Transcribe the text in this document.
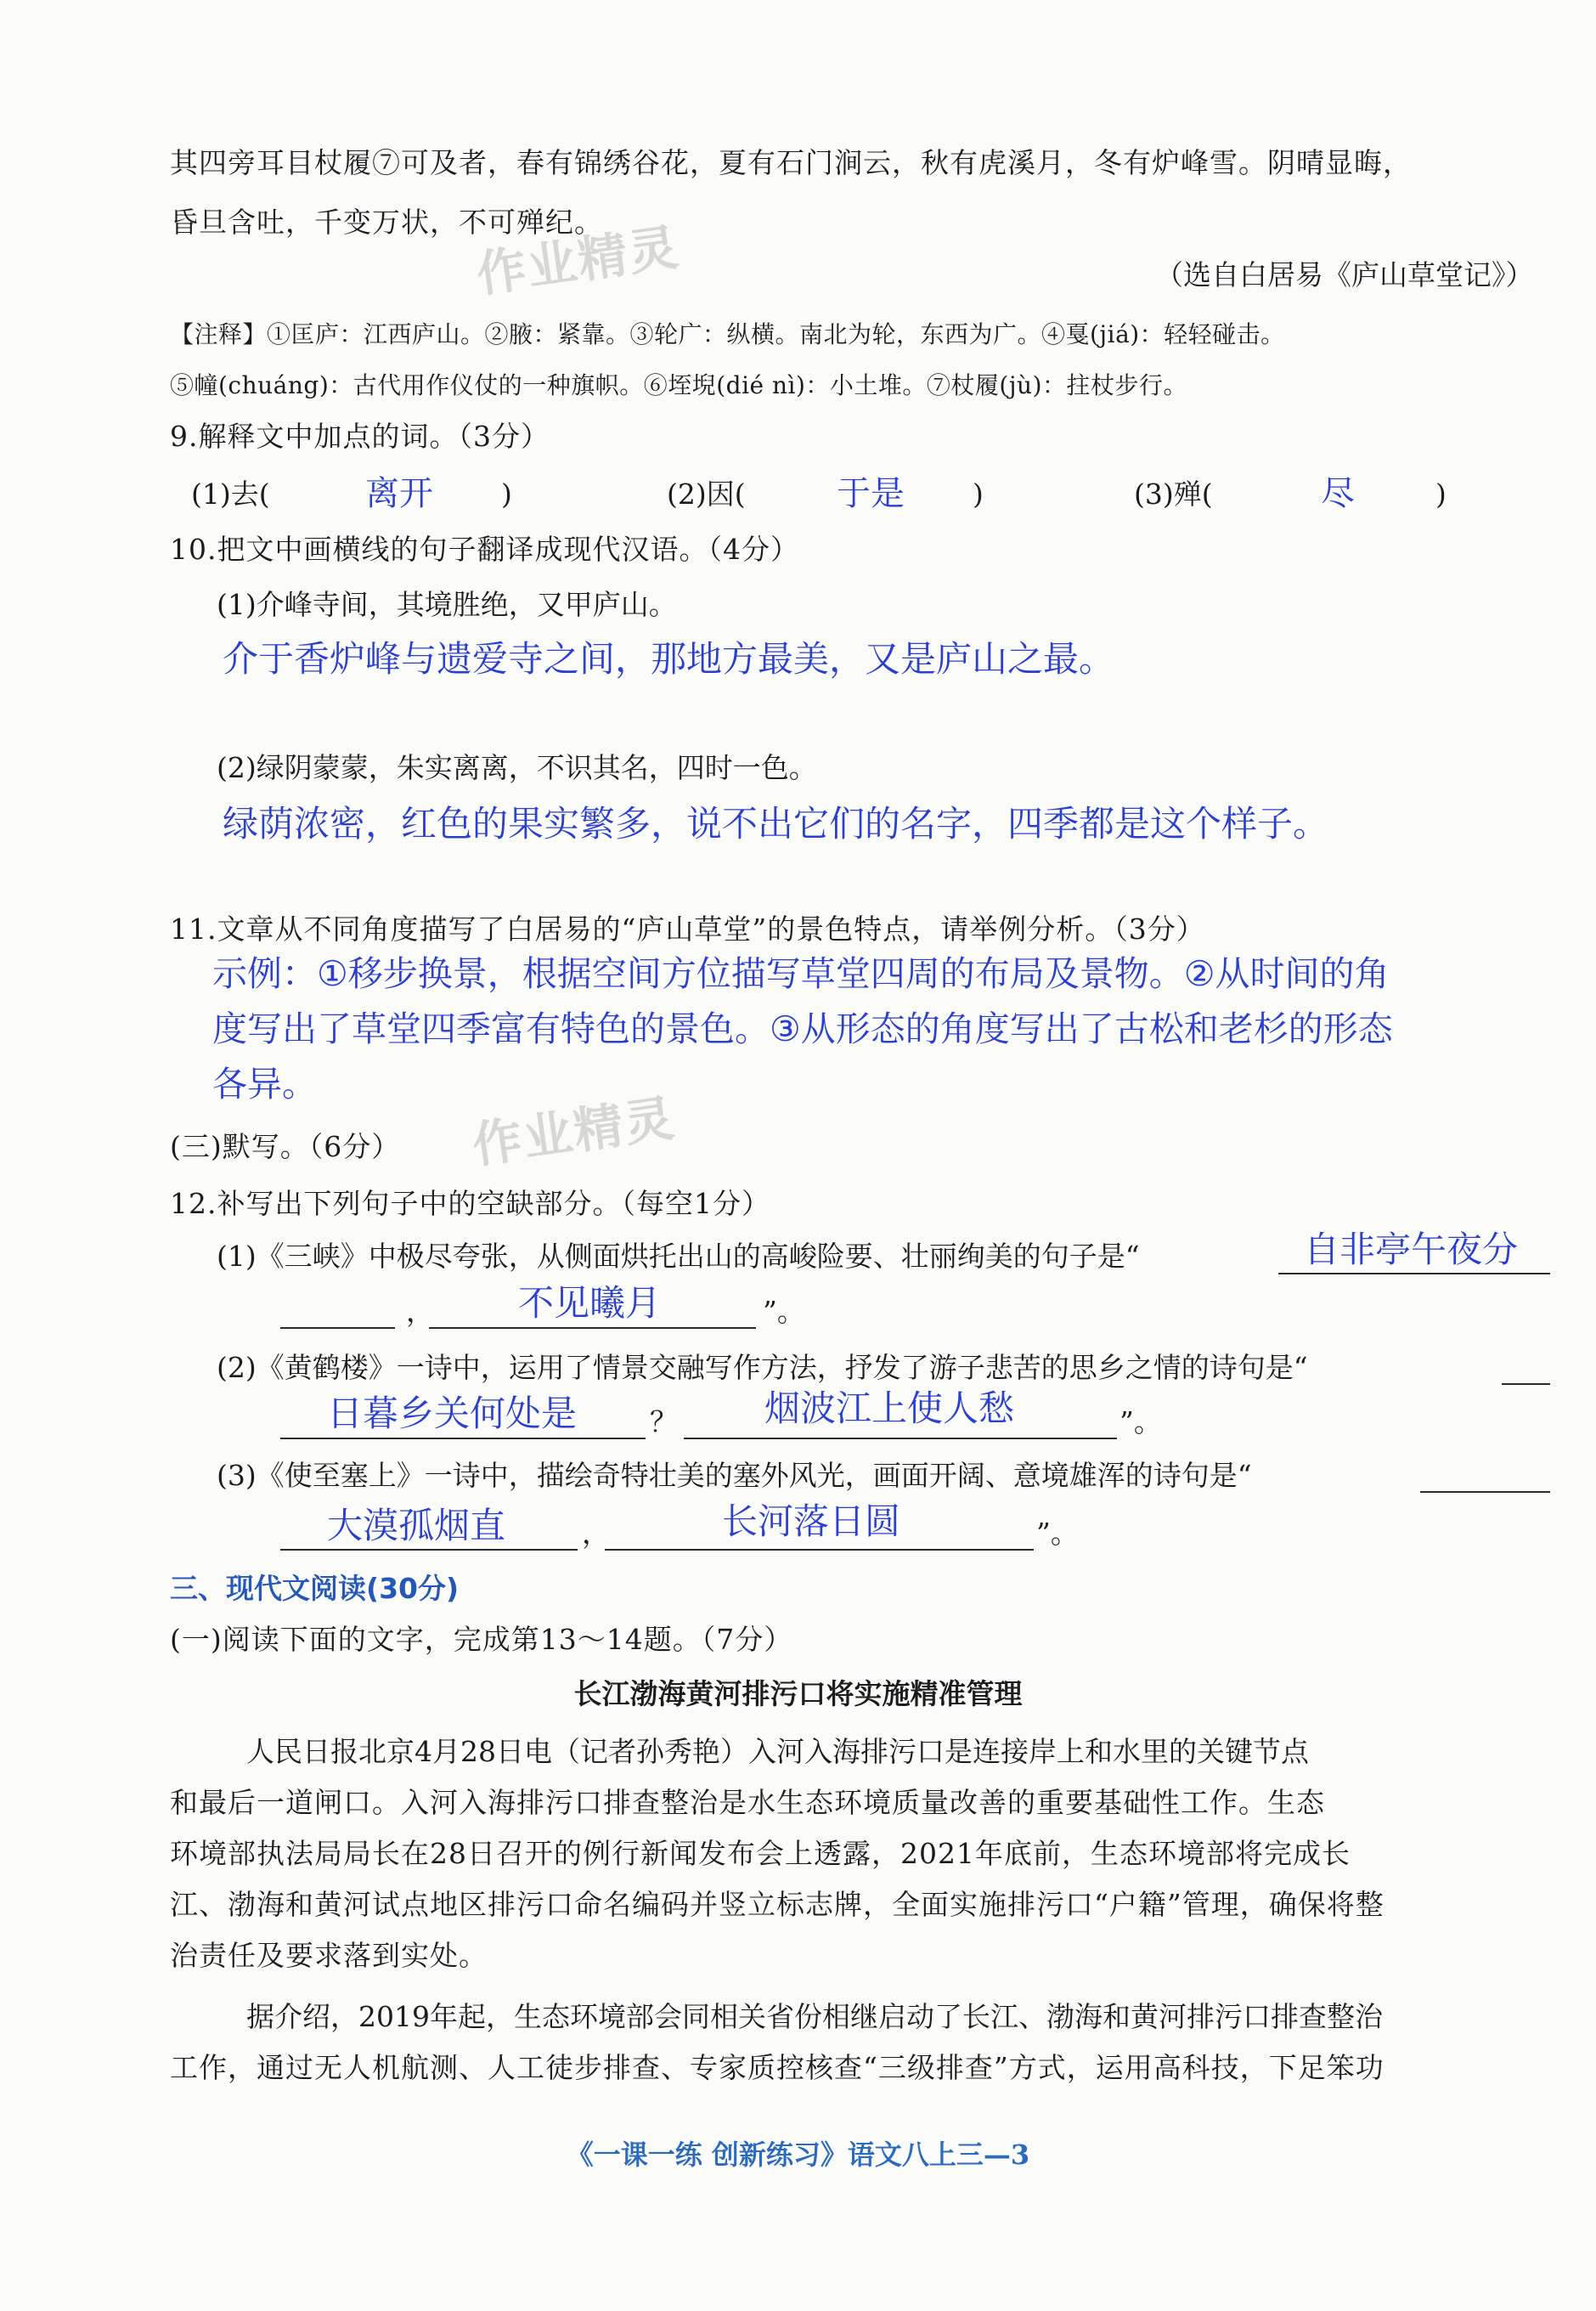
其四旁耳目杖履⑦可及者，春有锦绣谷花，夏有石门涧云，秋有虎溪月，冬有炉峰雪。阴晴显晦，
昏旦含吐，千变万状，不可殚纪。
作业精灵	（选自白居易《庐山草堂记》）
【注释】①匡庐：江西庐山。②腋：紧靠。③轮广：纵横。南北为轮，东西为广。④戛(jiá)：轻轻碰击。
⑤幢(chuáng)：古代用作仪仗的一种旗帜。⑥垤堄(dié nì)：小土堆。⑦杖履(jù)：拄杖步行。
9.解释文中加点的词。（3分）
(1)去(	离开 )	(2)因(	于是 )	(3)殚(	尽	)
10.把文中画横线的句子翻译成现代汉语。（4分）
(1)介峰寺间，其境胜绝，又甲庐山。
介于香炉峰与遗爱寺之间，那地方最美，又是庐山之最。
(2)绿阴蒙蒙，朱实离离，不识其名，四时一色。
绿荫浓密，红色的果实繁多，说不出它们的名字，四季都是这个样子。
11.文章从不同角度描写了白居易的“庐山草堂”的景色特点，请举例分析。（3分）
示例：①移步换景，根据空间方位描写草堂四周的布局及景物。②从时间的角
度写出了草堂四季富有特色的景色。③从形态的角度写出了古松和老杉的形态
各异。
作业精灵
(三)默写。（6分）
12.补写出下列句子中的空缺部分。（每空1分）
(1)《三峡》中极尽夸张，从侧面烘托出山的高峻险要、壮丽绚美的句子是“	自非亭午夜分
， 不见曦月	”。
(2)《黄鹤楼》一诗中，运用了情景交融写作方法，抒发了游子悲苦的思乡之情的诗句是“
日暮乡关何处是	？ 烟波江上使人愁	”。
(3)《使至塞上》一诗中，描绘奇特壮美的塞外风光，画面开阔、意境雄浑的诗句是“
大漠孤烟直	，	长河落日圆	”。
三、现代文阅读(30分)
(一)阅读下面的文字，完成第13～14题。（7分）
长江渤海黄河排污口将实施精准管理
人民日报北京4月28日电（记者孙秀艳）入河入海排污口是连接岸上和水里的关键节点
和最后一道闸口。入河入海排污口排查整治是水生态环境质量改善的重要基础性工作。生态
环境部执法局局长在28日召开的例行新闻发布会上透露，2021年底前，生态环境部将完成长
江、渤海和黄河试点地区排污口命名编码并竖立标志牌，全面实施排污口“户籍”管理，确保将整
治责任及要求落到实处。
据介绍，2019年起，生态环境部会同相关省份相继启动了长江、渤海和黄河排污口排查整治
工作，通过无人机航测、人工徒步排查、专家质控核查“三级排查”方式，运用高科技，下足笨功
《一课一练 创新练习》语文八上三—3
